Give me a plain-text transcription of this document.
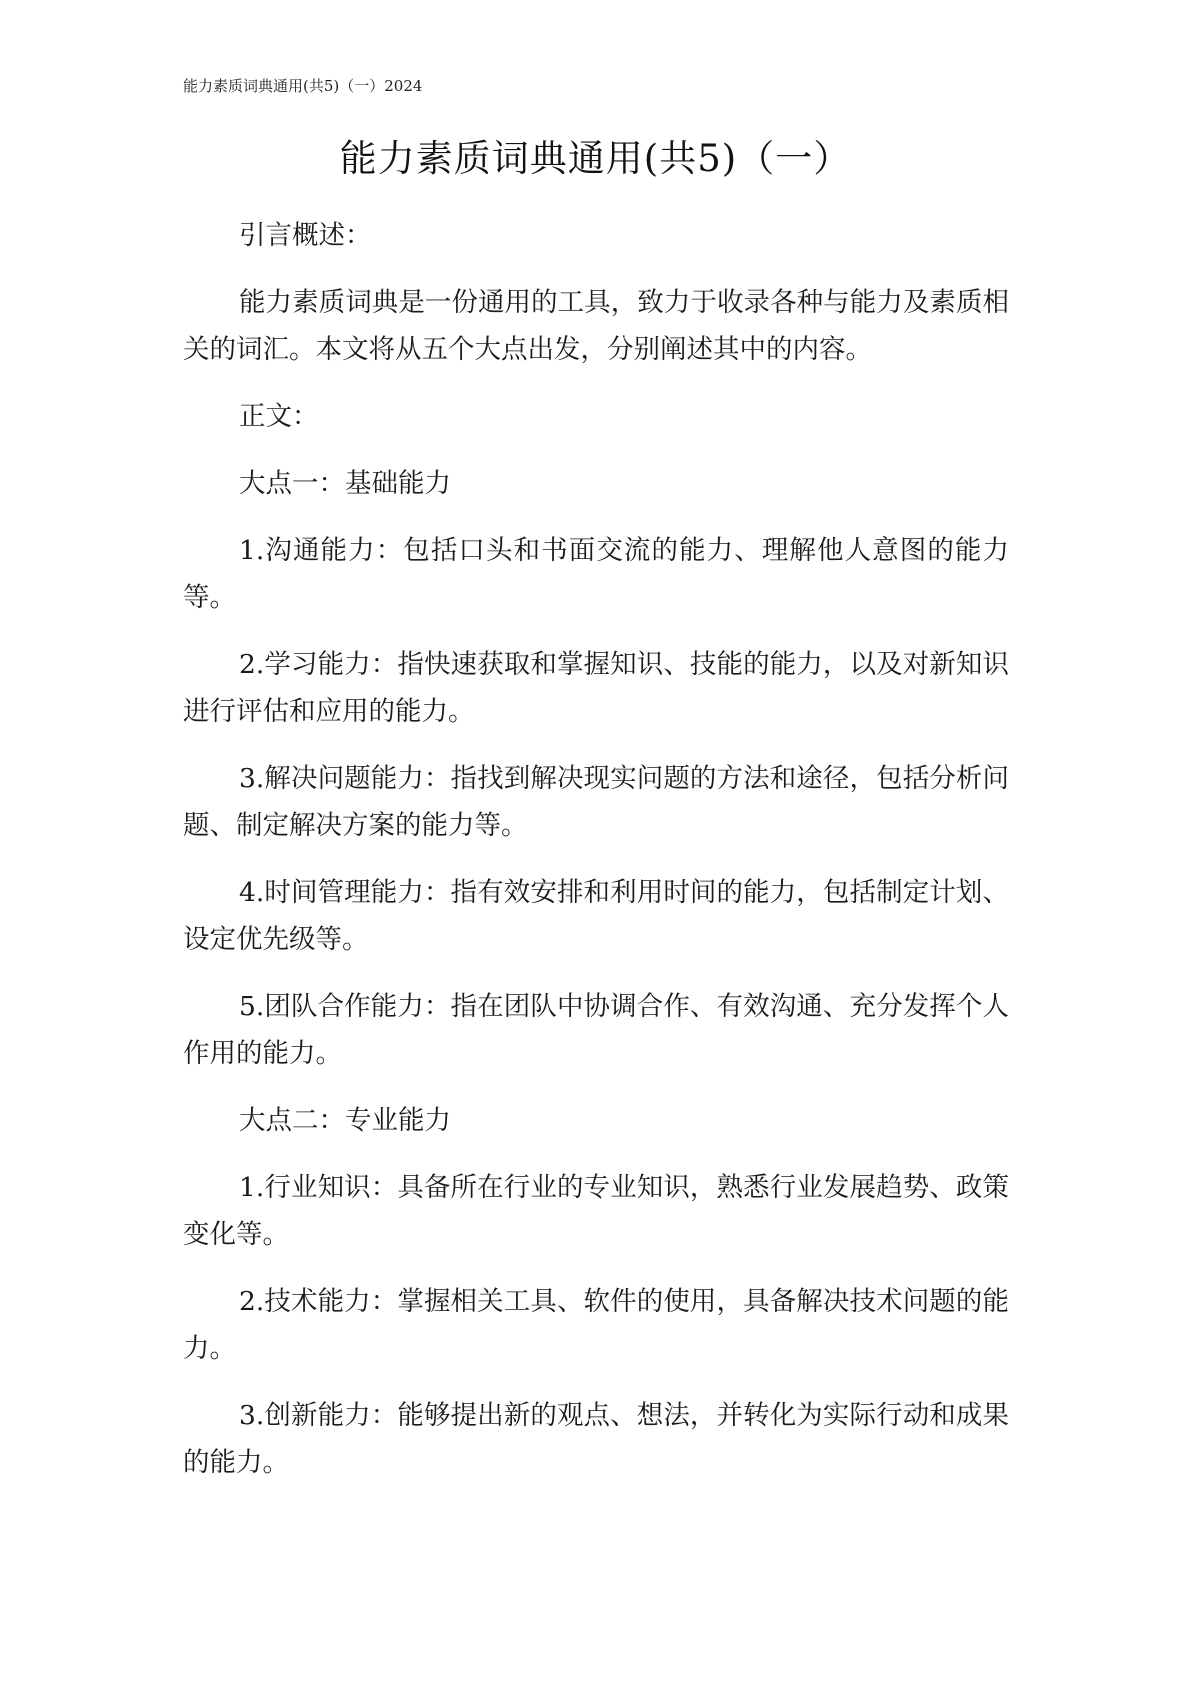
能力素质词典通用(共5)（一）2024
能力素质词典通用(共5)（一）

引言概述：

能力素质词典是一份通用的工具，致力于收录各种与能力及素质相关的词汇。本文将从五个大点出发，分别阐述其中的内容。

正文：

大点一：基础能力

1.沟通能力：包括口头和书面交流的能力、理解他人意图的能力等。

2.学习能力：指快速获取和掌握知识、技能的能力，以及对新知识进行评估和应用的能力。

3.解决问题能力：指找到解决现实问题的方法和途径，包括分析问题、制定解决方案的能力等。

4.时间管理能力：指有效安排和利用时间的能力，包括制定计划、设定优先级等。

5.团队合作能力：指在团队中协调合作、有效沟通、充分发挥个人作用的能力。

大点二：专业能力

1.行业知识：具备所在行业的专业知识，熟悉行业发展趋势、政策变化等。

2.技术能力：掌握相关工具、软件的使用，具备解决技术问题的能力。

3.创新能力：能够提出新的观点、想法，并转化为实际行动和成果的能力。
